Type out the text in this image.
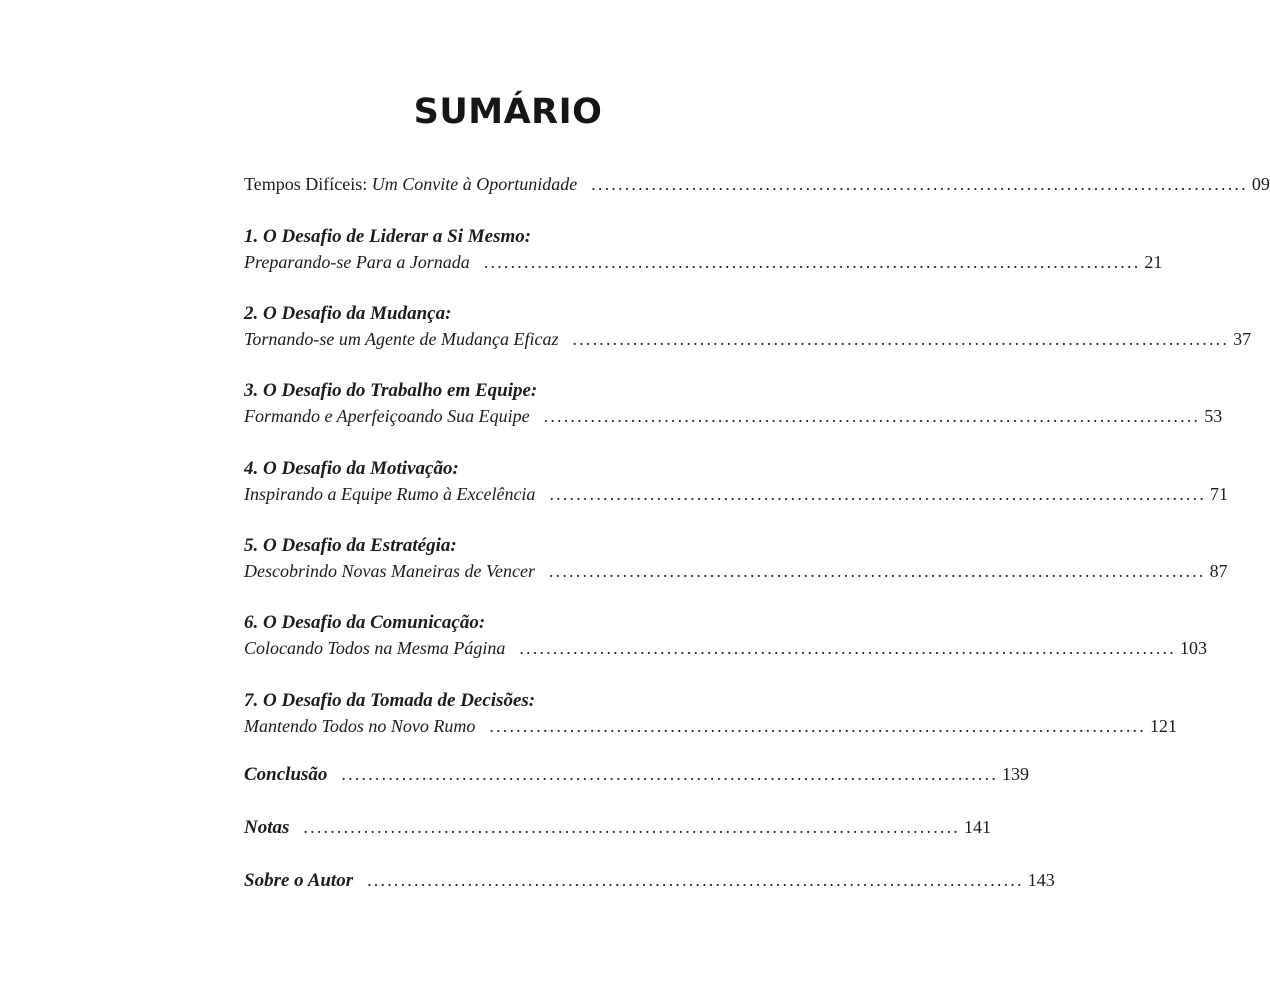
SUMÁRIO
Tempos Difíceis: Um Convite à Oportunidade .................................................................................................. 09
1. O Desafio de Liderar a Si Mesmo:
Preparando-se Para a Jornada .................................................................................................. 21
2. O Desafio da Mudança:
Tornando-se um Agente de Mudança Eficaz .................................................................................................. 37
3. O Desafio do Trabalho em Equipe:
Formando e Aperfeiçoando Sua Equipe .................................................................................................. 53
4. O Desafio da Motivação:
Inspirando a Equipe Rumo à Excelência .................................................................................................. 71
5. O Desafio da Estratégia:
Descobrindo Novas Maneiras de Vencer .................................................................................................. 87
6. O Desafio da Comunicação:
Colocando Todos na Mesma Página .................................................................................................. 103
7. O Desafio da Tomada de Decisões:
Mantendo Todos no Novo Rumo .................................................................................................. 121
Conclusão .................................................................................................. 139
Notas .................................................................................................. 141
Sobre o Autor .................................................................................................. 143
